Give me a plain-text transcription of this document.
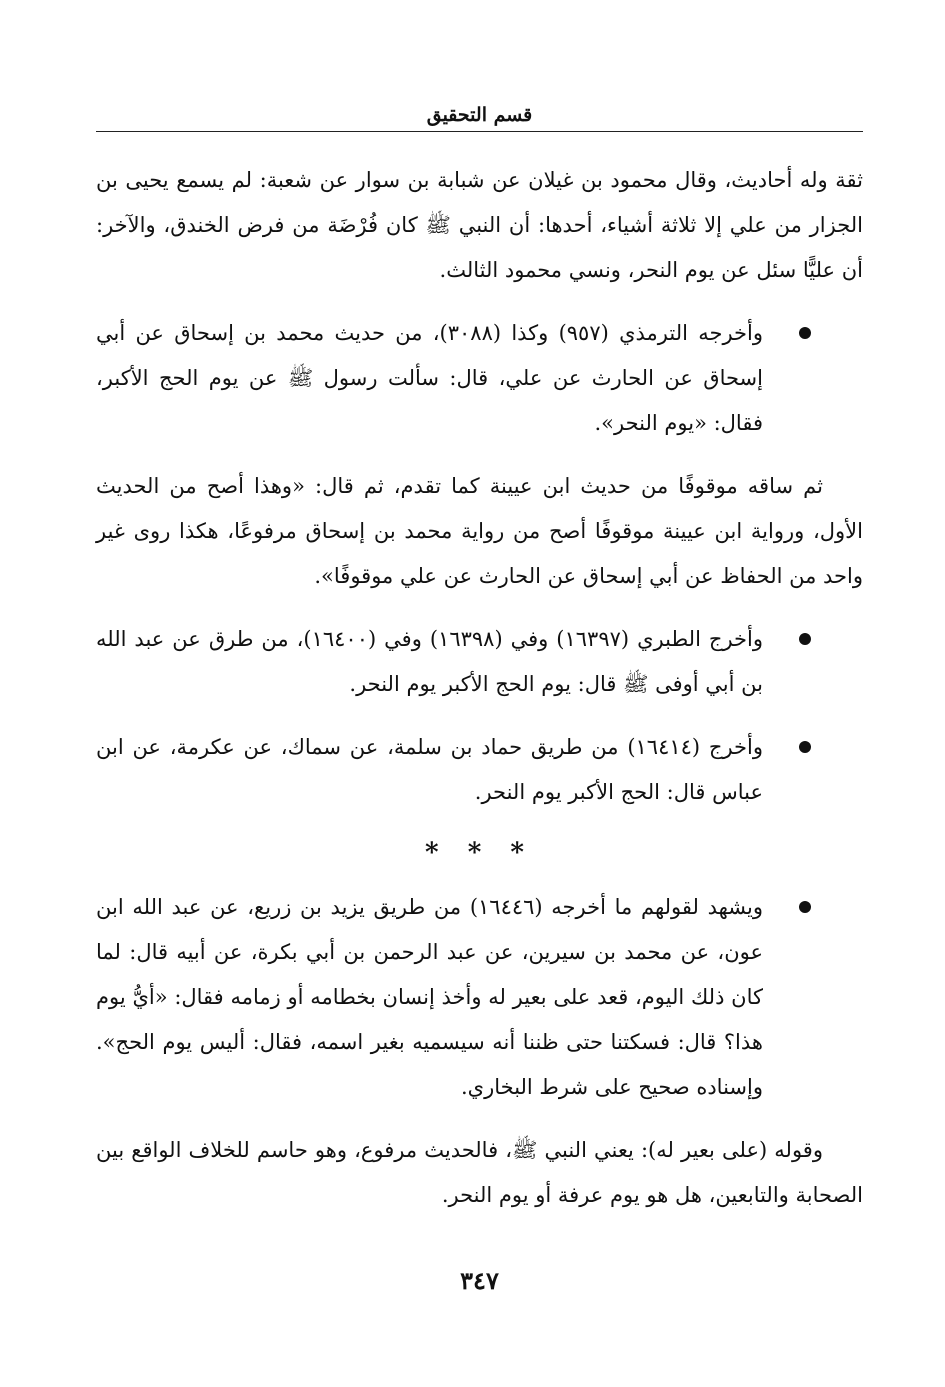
قسم التحقيق

ثقة وله أحاديث، وقال محمود بن غيلان عن شبابة بن سوار عن شعبة: لم يسمع يحيى بن الجزار من علي إلا ثلاثة أشياء، أحدها: أن النبي ﷺ كان فُرْضَة من فرض الخندق، والآخر: أن عليًّا سئل عن يوم النحر، ونسي محمود الثالث.

وأخرجه الترمذي (٩٥٧) وكذا (٣٠٨٨)، من حديث محمد بن إسحاق عن أبي إسحاق عن الحارث عن علي، قال: سألت رسول ﷺ عن يوم الحج الأكبر، فقال: «يوم النحر».

ثم ساقه موقوفًا من حديث ابن عيينة كما تقدم، ثم قال: «وهذا أصح من الحديث الأول، ورواية ابن عيينة موقوفًا أصح من رواية محمد بن إسحاق مرفوعًا، هكذا روى غير واحد من الحفاظ عن أبي إسحاق عن الحارث عن علي موقوفًا».

وأخرج الطبري (١٦٣٩٧) وفي (١٦٣٩٨) وفي (١٦٤٠٠)، من طرق عن عبد الله بن أبي أوفى ﷺ قال: يوم الحج الأكبر يوم النحر.
وأخرج (١٦٤١٤) من طريق حماد بن سلمة، عن سماك، عن عكرمة، عن ابن عباس قال: الحج الأكبر يوم النحر.
* * *
ويشهد لقولهم ما أخرجه (١٦٤٤٦) من طريق يزيد بن زريع، عن عبد الله ابن عون، عن محمد بن سيرين، عن عبد الرحمن بن أبي بكرة، عن أبيه قال: لما كان ذلك اليوم، قعد على بعير له وأخذ إنسان بخطامه أو زمامه فقال: «أيُّ يوم هذا؟ قال: فسكتنا حتى ظننا أنه سيسميه بغير اسمه، فقال: أليس يوم الحج». وإسناده صحيح على شرط البخاري.

وقوله (على بعير له): يعني النبي ﷺ، فالحديث مرفوع، وهو حاسم للخلاف الواقع بين الصحابة والتابعين، هل هو يوم عرفة أو يوم النحر.

٣٤٧
